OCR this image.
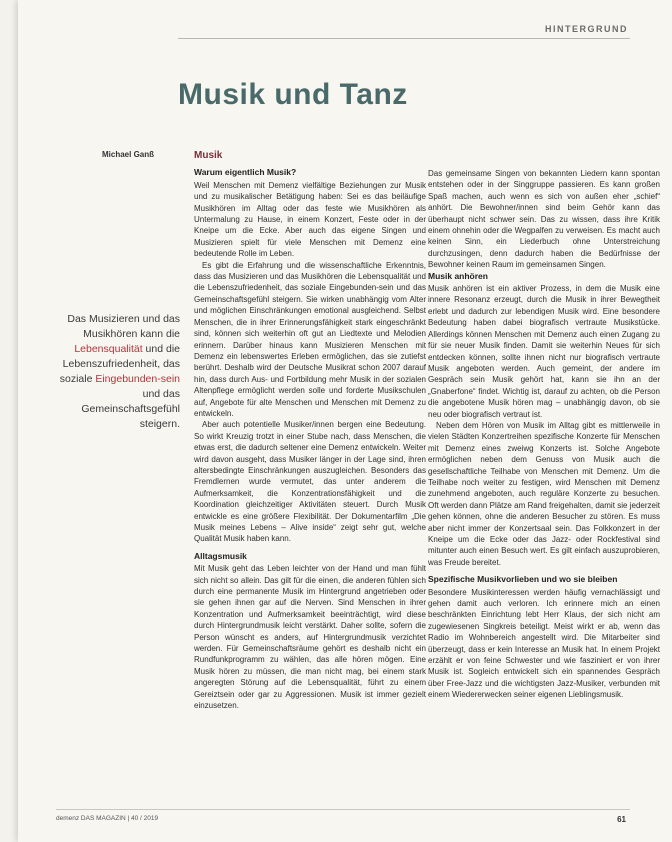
HINTERGRUND
Musik und Tanz
Michael Ganß
Das Musizieren und das Musikhören kann die Lebensqualität und die Lebenszufriedenheit, das soziale Eingebunden-sein und das Gemeinschaftsgefühl steigern.
Musik
Warum eigentlich Musik?

Weil Menschen mit Demenz vielfältige Beziehungen zur Musik und zu musikalischer Betätigung haben: Sei es das beiläufige Musikhören im Alltag oder das feste wie Musikhören als Untermalung zu Hause, in einem Konzert, Feste oder in der Kneipe um die Ecke. Aber auch das eigene Singen und Musizieren spielt für viele Menschen mit Demenz eine bedeutende Rolle im Leben.

Es gibt die Erfahrung und die wissenschaftliche Erkenntnis, dass das Musizieren und das Musikhören die Lebensqualität und die Lebenszufriedenheit, das soziale Eingebunden-sein und das Gemeinschaftsgefühl steigern. Sie wirken unabhängig vom Alter und möglichen Einschränkungen emotional ausgleichend. Selbst Menschen, die in ihrer Erinnerungsfähigkeit stark eingeschränkt sind, können sich weiterhin oft gut an Liedtexte und Melodien erinnern. Darüber hinaus kann Musizieren Menschen mit Demenz ein lebenswertes Erleben ermöglichen, das sie zutiefst berührt. Deshalb wird der Deutsche Musikrat schon 2007 darauf hin, dass durch Aus- und Fortbildung mehr Musik in der sozialen Altenpflege ermöglicht werden solle und forderte Musikschulen auf, Angebote für alte Menschen und Menschen mit Demenz zu entwickeln.

Aber auch potentielle Musiker/innen bergen eine Bedeutung. So wirkt Kreuzig trotzt in einer Stube nach, dass Menschen, die etwas erst, die dadurch seltener eine Demenz entwickeln. Weiter wird davon ausgeht, dass Musiker länger in der Lage sind, ihren altersbedingte Einschränkungen auszugleichen. Besonders das Fremdlernen wurde vermutet, das unter anderem die Aufmerksamkeit, die Konzentrationsfähigkeit und die Koordination gleichzeitiger Aktivitäten steuert. Durch Musik entwickle es eine größere Flexibilität. Der Dokumentarfilm „Die Musik meines Lebens – Alive inside“ zeigt sehr gut, welche Qualität Musik haben kann.

Alltagsmusik

Mit Musik geht das Leben leichter von der Hand und man fühlt sich nicht so allein. Das gilt für die einen, die anderen fühlen sich durch eine permanente Musik im Hintergrund angetrieben oder sie gehen ihnen gar auf die Nerven. Sind Menschen in ihrer Konzentration und Aufmerksamkeit beeinträchtigt, wird diese durch Hintergrundmusik leicht verstärkt. Daher sollte, sofern die Person wünscht es anders, auf Hintergrundmusik verzichtet werden. Für Gemeinschaftsräume gehört es deshalb nicht ein Rundfunkprogramm zu wählen, das alle hören mögen. Eine Musik hören zu müssen, die man nicht mag, bei einem stark angeregten Störung auf die Lebensqualität, führt zu einem Gereiztsein oder gar zu Aggressionen. Musik ist immer gezielt einzusetzen.

Das gemeinsame Singen von bekannten Liedern kann spontan entstehen oder in der Singgruppe passieren. Es kann großen Spaß machen, auch wenn es sich von außen eher „schief“ anhört. Die Bewohner/innen sind beim Gehör kann das überhaupt nicht schwer sein. Das zu wissen, dass ihre Kritik einem ohnehin oder die Wegpalfen zu verweisen. Es macht auch keinen Sinn, ein Liederbuch ohne Unterstreichung durchzusingen, denn dadurch haben die Bedürfnisse der Bewohner keinen Raum im gemeinsamen Singen.

Musik anhören

Musik anhören ist ein aktiver Prozess, in dem die Musik eine innere Resonanz erzeugt, durch die Musik in ihrer Bewegtheit erlebt und dadurch zur lebendigen Musik wird. Eine besondere Bedeutung haben dabei biografisch vertraute Musikstücke. Allerdings können Menschen mit Demenz auch einen Zugang zu für sie neuer Musik finden. Damit sie weiterhin Neues für sich entdecken können, sollte ihnen nicht nur biografisch vertraute Musik angeboten werden. Auch gemeint, der andere im Gespräch sein Musik gehört hat, kann sie ihn an der „Gnaberfone“ findet. Wichtig ist, darauf zu achten, ob die Person die angebotene Musik hören mag – unabhängig davon, ob sie neu oder biografisch vertraut ist.

Neben dem Hören von Musik im Alltag gibt es mittlerweile in vielen Städten Konzertreihen spezifische Konzerte für Menschen mit Demenz eines zweiwg Konzerts ist. Solche Angebote ermöglichen neben dem Genuss von Musik auch die gesellschaftliche Teilhabe von Menschen mit Demenz. Um die Teilhabe noch weiter zu festigen, wird Menschen mit Demenz zunehmend angeboten, auch reguläre Konzerte zu besuchen. Oft werden dann Plätze am Rand freigehalten, damit sie jederzeit gehen können, ohne die anderen Besucher zu stören. Es muss aber nicht immer der Konzertsaal sein. Das Folkkonzert in der Kneipe um die Ecke oder das Jazz- oder Rockfestival sind mitunter auch einen Besuch wert. Es gilt einfach auszuprobieren, was Freude bereitet.

Spezifische Musikvorlieben und wo sie bleiben

Besondere Musikinteressen werden häufig vernachlässigt und gehen damit auch verloren. Ich erinnere mich an einen beschränkten Einrichtung lebt Herr Klaus, der sich nicht am zugewiesenen Singkreis beteiligt. Meist wirkt er ab, wenn das Radio im Wohnbereich angestellt wird. Die Mitarbeiter sind überzeugt, dass er kein Interesse an Musik hat. In einem Projekt erzählt er von feine Schwester und wie fasziniert er von ihrer Musik ist. Sogleich entwickelt sich ein spannendes Gespräch über Free-Jazz und die wichtigsten Jazz-Musiker, verbunden mit einem Wiedererwecken seiner eigenen Lieblingsmusik.

demenz DAS MAGAZIN | 40 / 2019	61
